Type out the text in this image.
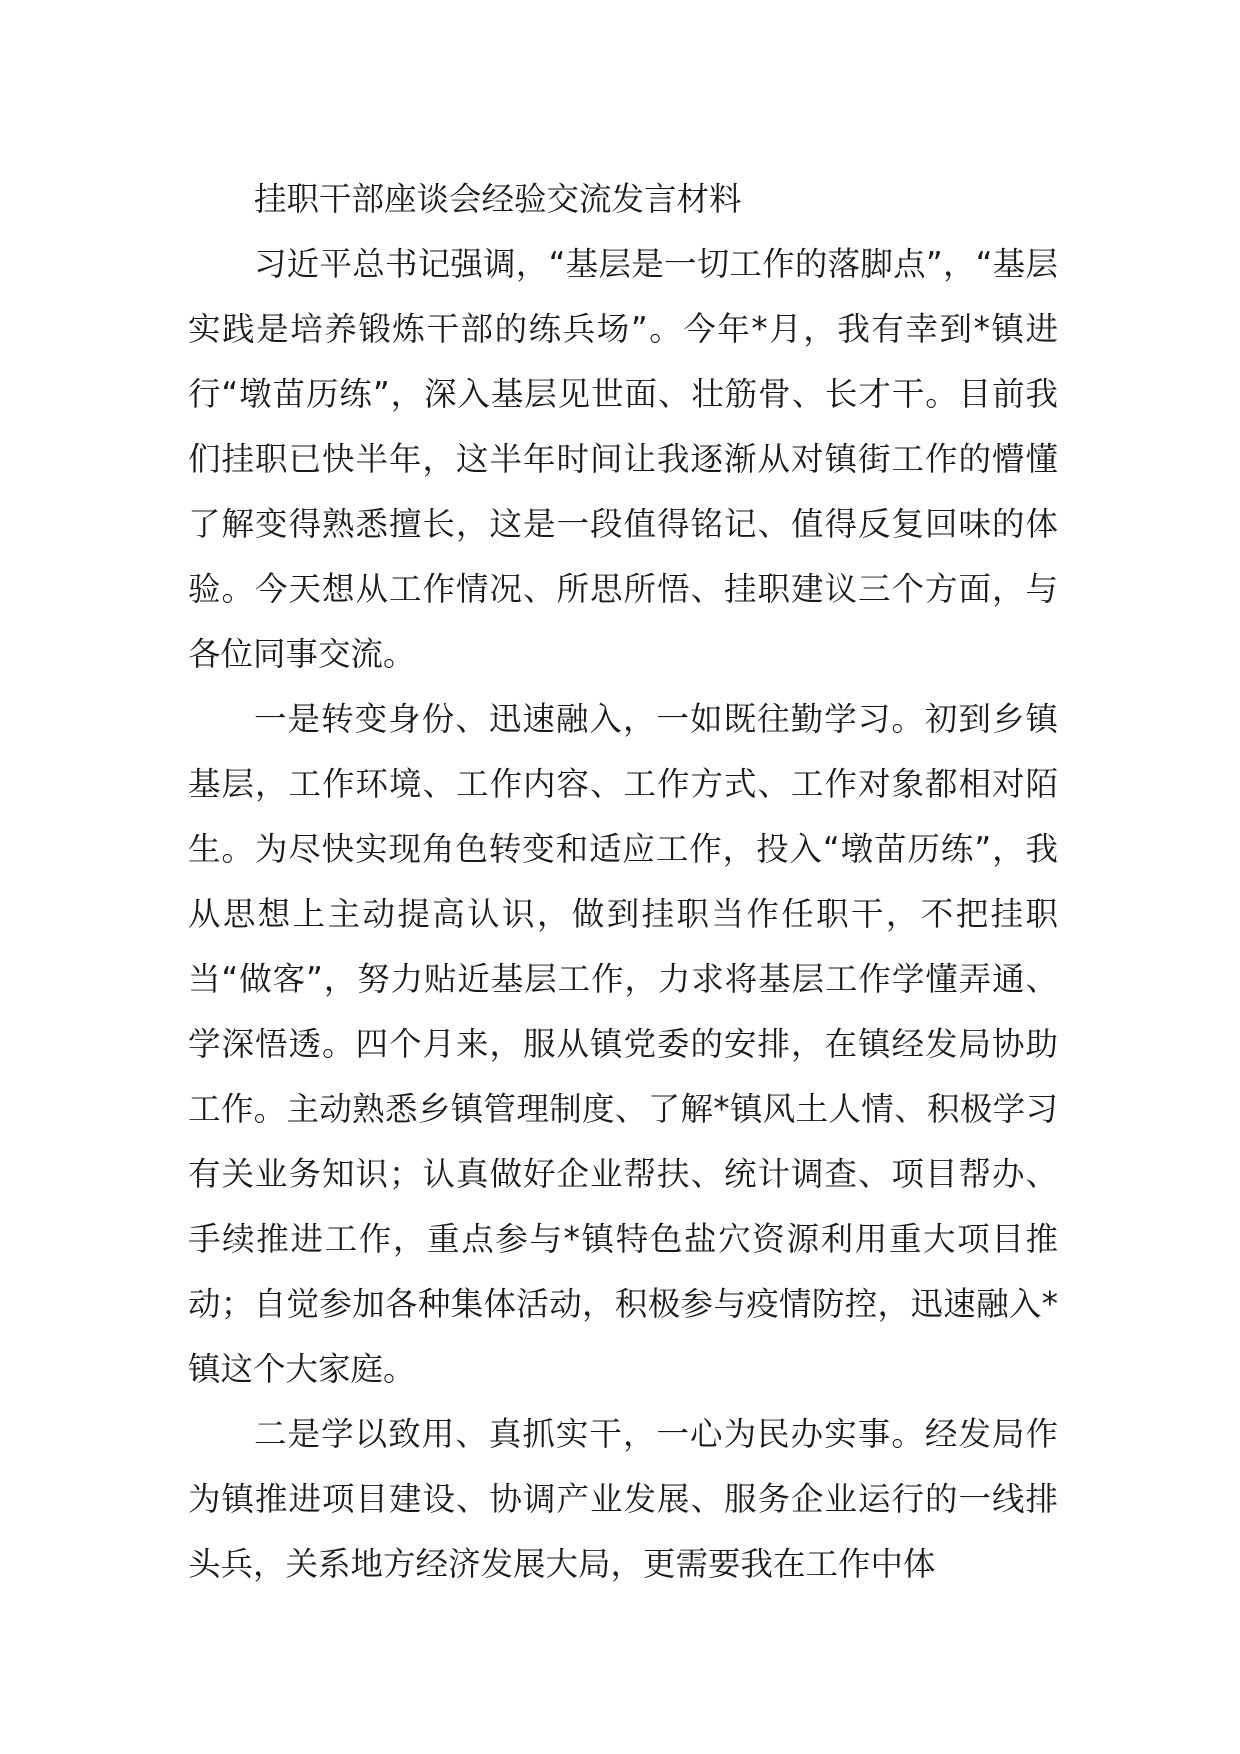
挂职干部座谈会经验交流发言材料

习近平总书记强调，“基层是一切工作的落脚点”，“基层实践是培养锻炼干部的练兵场”。今年*月，我有幸到*镇进行“墩苗历练”，深入基层见世面、壮筋骨、长才干。目前我们挂职已快半年，这半年时间让我逐渐从对镇街工作的懵懂了解变得熟悉擅长，这是一段值得铭记、值得反复回味的体验。今天想从工作情况、所思所悟、挂职建议三个方面，与各位同事交流。

一是转变身份、迅速融入，一如既往勤学习。初到乡镇基层，工作环境、工作内容、工作方式、工作对象都相对陌生。为尽快实现角色转变和适应工作，投入“墩苗历练”，我从思想上主动提高认识，做到挂职当作任职干，不把挂职当“做客”，努力贴近基层工作，力求将基层工作学懂弄通、学深悟透。四个月来，服从镇党委的安排，在镇经发局协助工作。主动熟悉乡镇管理制度、了解*镇风土人情、积极学习有关业务知识；认真做好企业帮扶、统计调查、项目帮办、手续推进工作，重点参与*镇特色盐穴资源利用重大项目推动；自觉参加各种集体活动，积极参与疫情防控，迅速融入*镇这个大家庭。

二是学以致用、真抓实干，一心为民办实事。经发局作为镇推进项目建设、协调产业发展、服务企业运行的一线排头兵，关系地方经济发展大局，更需要我在工作中体
